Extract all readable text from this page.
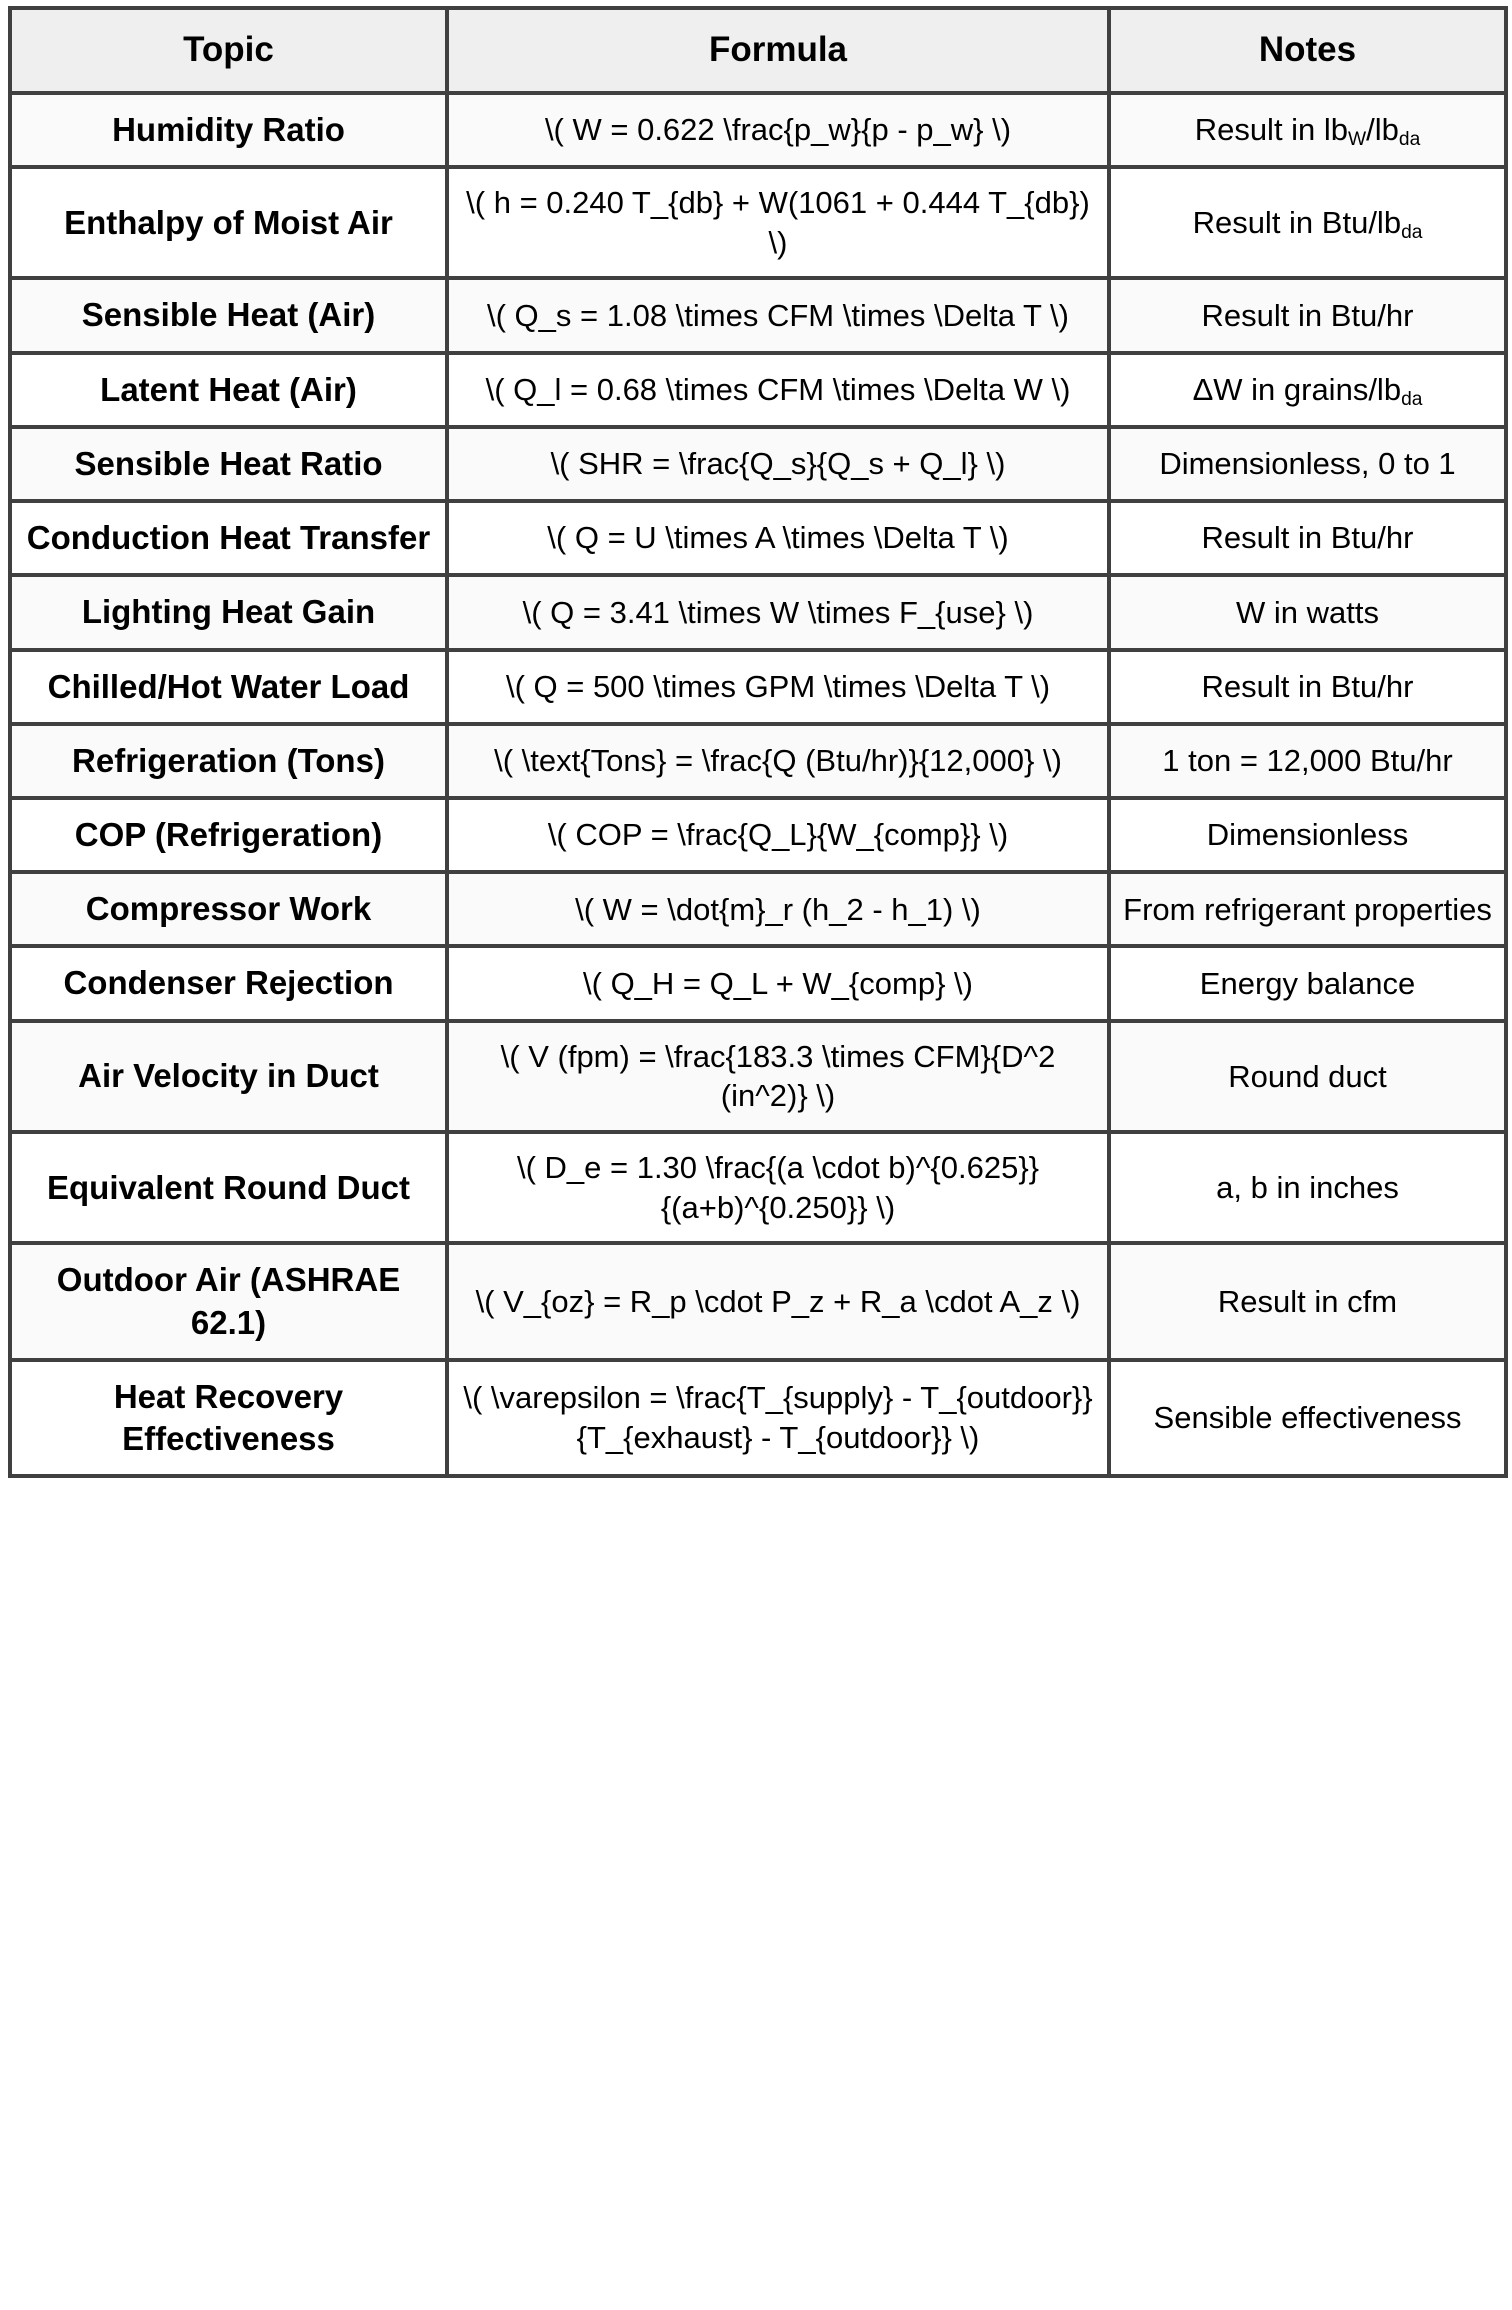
Topic	Formula	Notes
Humidity Ratio	\( W = 0.622 \frac{p_w}{p - p_w} \)	Result in $lb_W/lb_{da}$
Enthalpy of Moist Air	\( h = 0.240 T_{db} + W(1061 + 0.444 T_{db}) \)	Result in Btu/$lb_{da}$
Sensible Heat (Air)	\( Q_s = 1.08 \times CFM \times \Delta T \)	Result in Btu/hr
Latent Heat (Air)	\( Q_l = 0.68 \times CFM \times \Delta W \)	ΔW in grains/$lb_{da}$
Sensible Heat Ratio	\( SHR = \frac{Q_s}{Q_s + Q_l} \)	Dimensionless, 0 to 1
Conduction Heat Transfer	\( Q = U \times A \times \Delta T \)	Result in Btu/hr
Lighting Heat Gain	\( Q = 3.41 \times W \times F_{use} \)	W in watts
Chilled/Hot Water Load	\( Q = 500 \times GPM \times \Delta T \)	Result in Btu/hr
Refrigeration (Tons)	\( \text{Tons} = \frac{Q (Btu/hr)}{12,000} \)	1 ton = 12,000 Btu/hr
COP (Refrigeration)	\( COP = \frac{Q_L}{W_{comp}} \)	Dimensionless
Compressor Work	\( W = \dot{m}_r (h_2 - h_1) \)	From refrigerant properties
Condenser Rejection	\( Q_H = Q_L + W_{comp} \)	Energy balance
Air Velocity in Duct	\( V (fpm) = \frac{183.3 \times CFM}{D^2 (in^2)} \)	Round duct
Equivalent Round Duct	\( D_e = 1.30 \frac{(a \cdot b)^{0.625}}{(a+b)^{0.250}} \)	a, b in inches
Outdoor Air (ASHRAE 62.1)	\( V_{oz} = R_p \cdot P_z + R_a \cdot A_z \)	Result in cfm
Heat Recovery Effectiveness	\( \varepsilon = \frac{T_{supply} - T_{outdoor}}{T_{exhaust} - T_{outdoor}} \)	Sensible effectiveness
